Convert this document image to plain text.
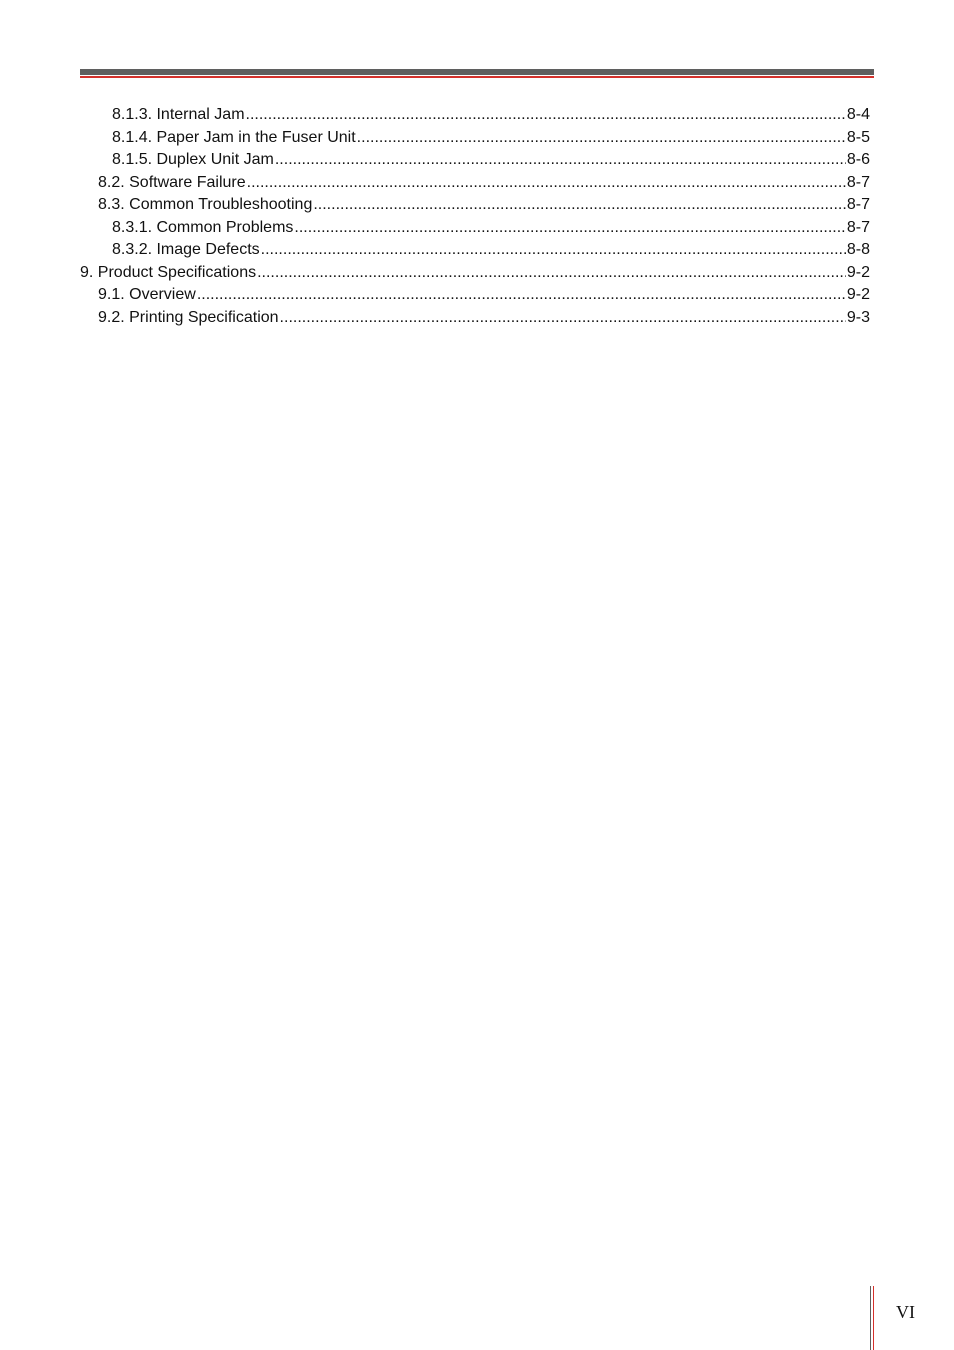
8.1.3. Internal Jam .....	8-4
8.1.4. Paper Jam in the Fuser Unit .....	8-5
8.1.5. Duplex Unit Jam .....	8-6
8.2. Software Failure .....	8-7
8.3. Common Troubleshooting .....	8-7
8.3.1. Common Problems .....	8-7
8.3.2. Image Defects .....	8-8
9. Product Specifications .....	9-2
9.1. Overview .....	9-2
9.2. Printing Specification .....	9-3
VI
